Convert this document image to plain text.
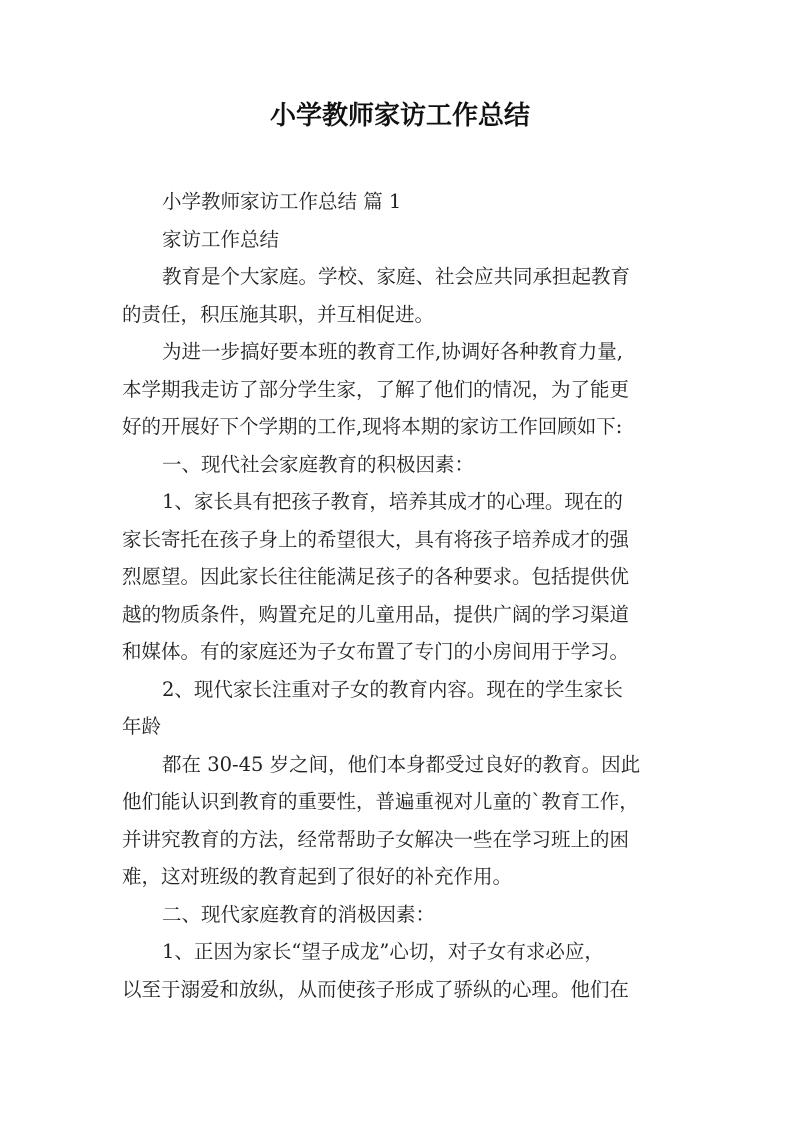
小学教师家访工作总结
小学教师家访工作总结 篇 1
家访工作总结
教育是个大家庭。学校、家庭、社会应共同承担起教育
的责任，积压施其职，并互相促进。
为进一步搞好要本班的教育工作,协调好各种教育力量,
本学期我走访了部分学生家，了解了他们的情况，为了能更
好的开展好下个学期的工作,现将本期的家访工作回顾如下:
一、现代社会家庭教育的积极因素：
1、家长具有把孩子教育，培养其成才的心理。现在的
家长寄托在孩子身上的希望很大，具有将孩子培养成才的强
烈愿望。因此家长往往能满足孩子的各种要求。包括提供优
越的物质条件，购置充足的儿童用品，提供广阔的学习渠道
和媒体。有的家庭还为子女布置了专门的小房间用于学习。
2、现代家长注重对子女的教育内容。现在的学生家长
年龄
都在 30-45 岁之间，他们本身都受过良好的教育。因此
他们能认识到教育的重要性，普遍重视对儿童的`教育工作，
并讲究教育的方法，经常帮助子女解决一些在学习班上的困
难，这对班级的教育起到了很好的补充作用。
二、现代家庭教育的消极因素：
1、正因为家长“望子成龙”心切，对子女有求必应，
以至于溺爱和放纵，从而使孩子形成了骄纵的心理。他们在
